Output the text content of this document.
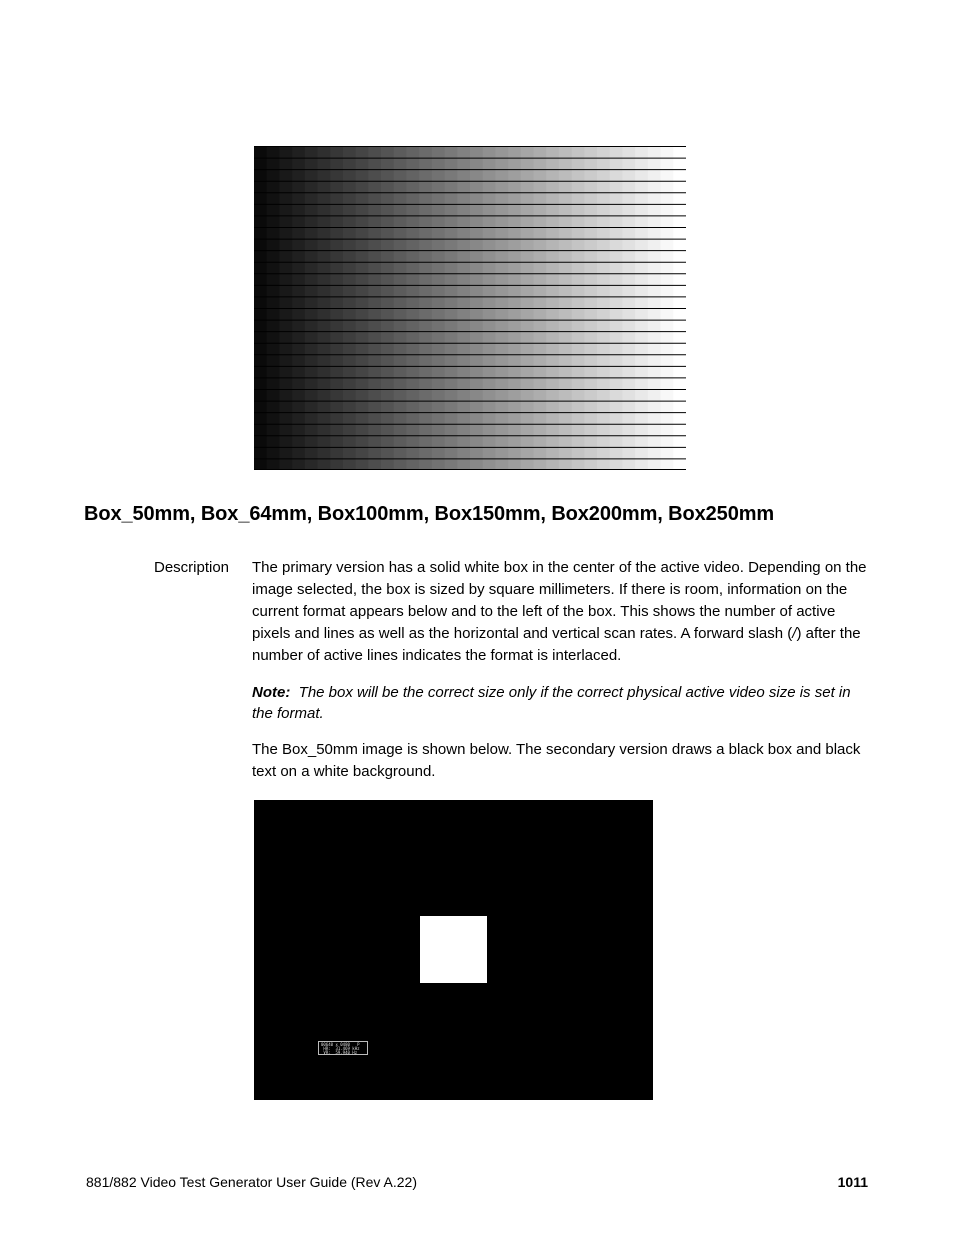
Box_50mm, Box_64mm, Box100mm, Box150mm, Box200mm, Box250mm
Description The primary version has a solid white box in the center of the active video. Depending on the image selected, the box is sized by square millimeters. If there is room, information on the current format appears below and to the left of the box. This shows the number of active pixels and lines as well as the horizontal and vertical scan rates. A forward slash (/) after the number of active lines indicates the format is interlaced.

Note: The box will be the correct size only if the correct physical active video size is set in the format.

The Box_50mm image is shown below. The secondary version draws a black box and black text on a white background.

00640 x 0480   P
HR:  31.469 kHz
VR:  59.940 Hz
881/882 Video Test Generator User Guide (Rev A.22)	1011
